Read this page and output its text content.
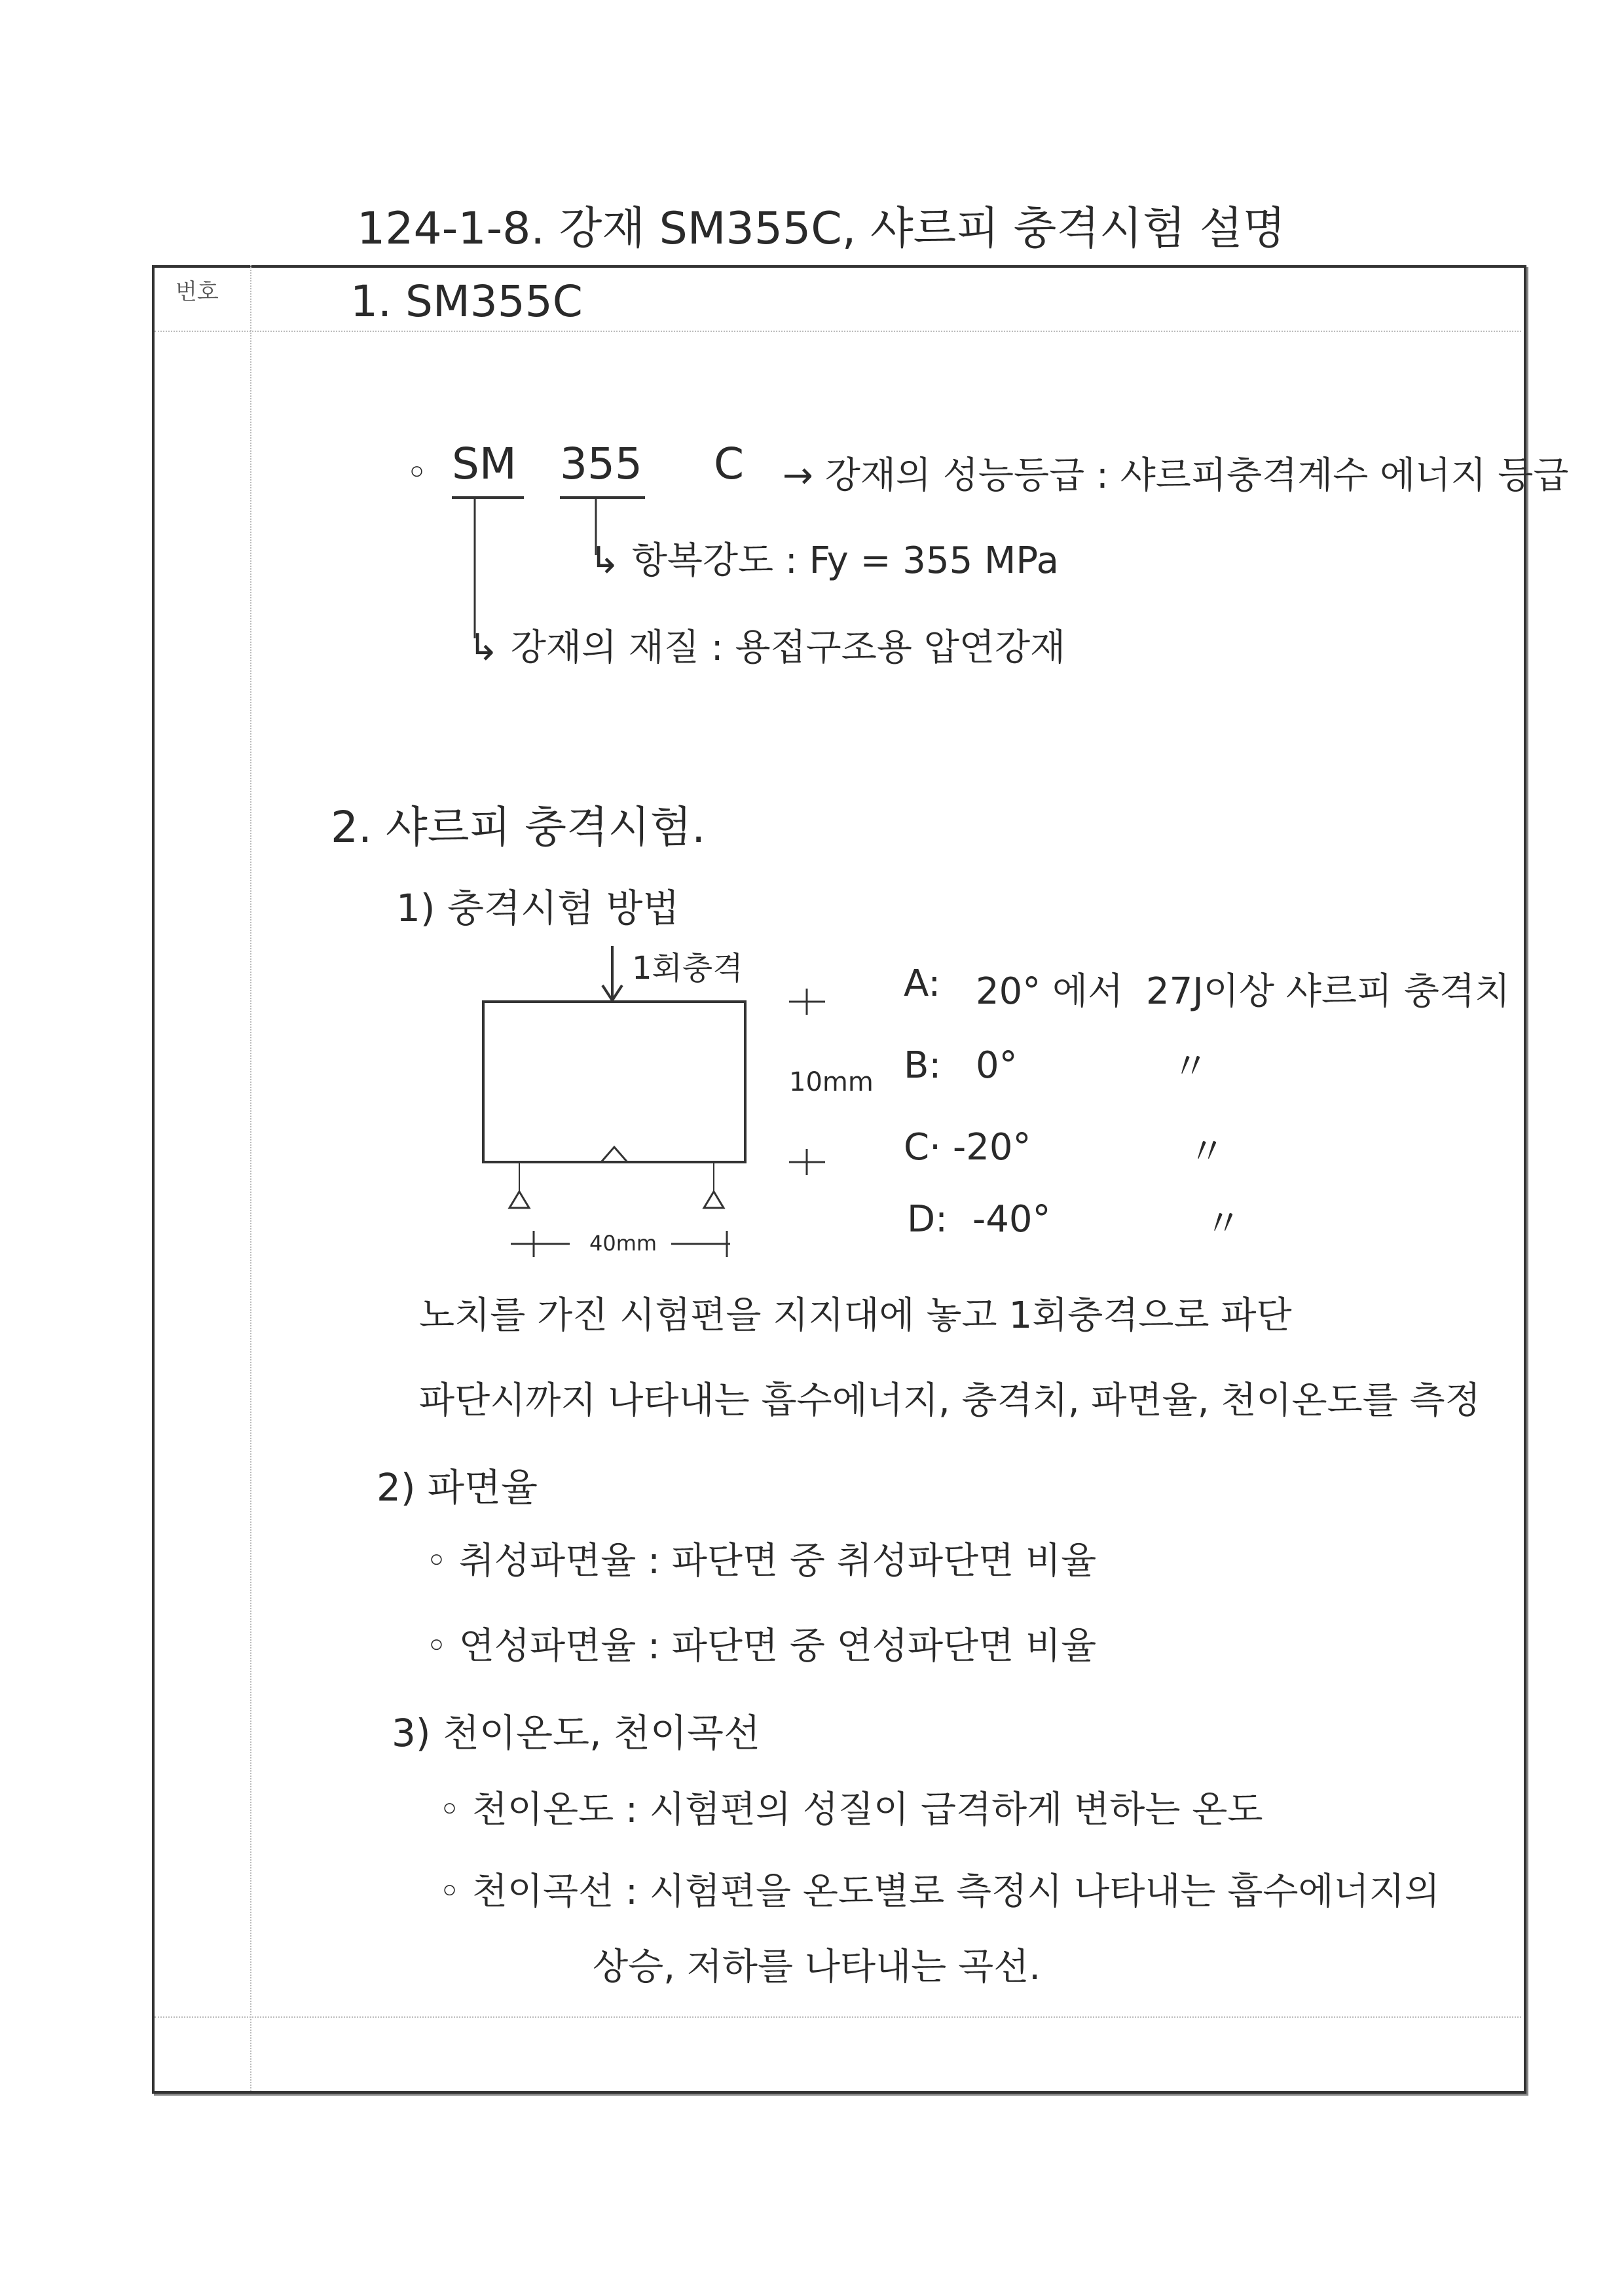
124-1-8. 강재 SM355C, 샤르피 충격시험 설명
번호	1. SM355C
◦ SM 355 C → 강재의 성능등급 : 샤르피충격계수 에너지 등급
↳ 항복강도 : Fy = 355 MPa
↳ 강재의 재질 : 용접구조용 압연강재
2. 샤르피 충격시험.
1) 충격시험 방법
1회충격
10mm
40mm
A: 20° 에서 27J이상 샤르피 충격치
B: 0°	〃
C· -20°	〃
D: -40°	〃
노치를 가진 시험편을 지지대에 놓고 1회충격으로 파단
파단시까지 나타내는 흡수에너지, 충격치, 파면율, 천이온도를 측정
2) 파면율
◦ 취성파면율 : 파단면 중 취성파단면 비율
◦ 연성파면율 : 파단면 중 연성파단면 비율
3) 천이온도, 천이곡선
◦ 천이온도 : 시험편의 성질이 급격하게 변하는 온도
◦ 천이곡선 : 시험편을 온도별로 측정시 나타내는 흡수에너지의
상승, 저하를 나타내는 곡선.
